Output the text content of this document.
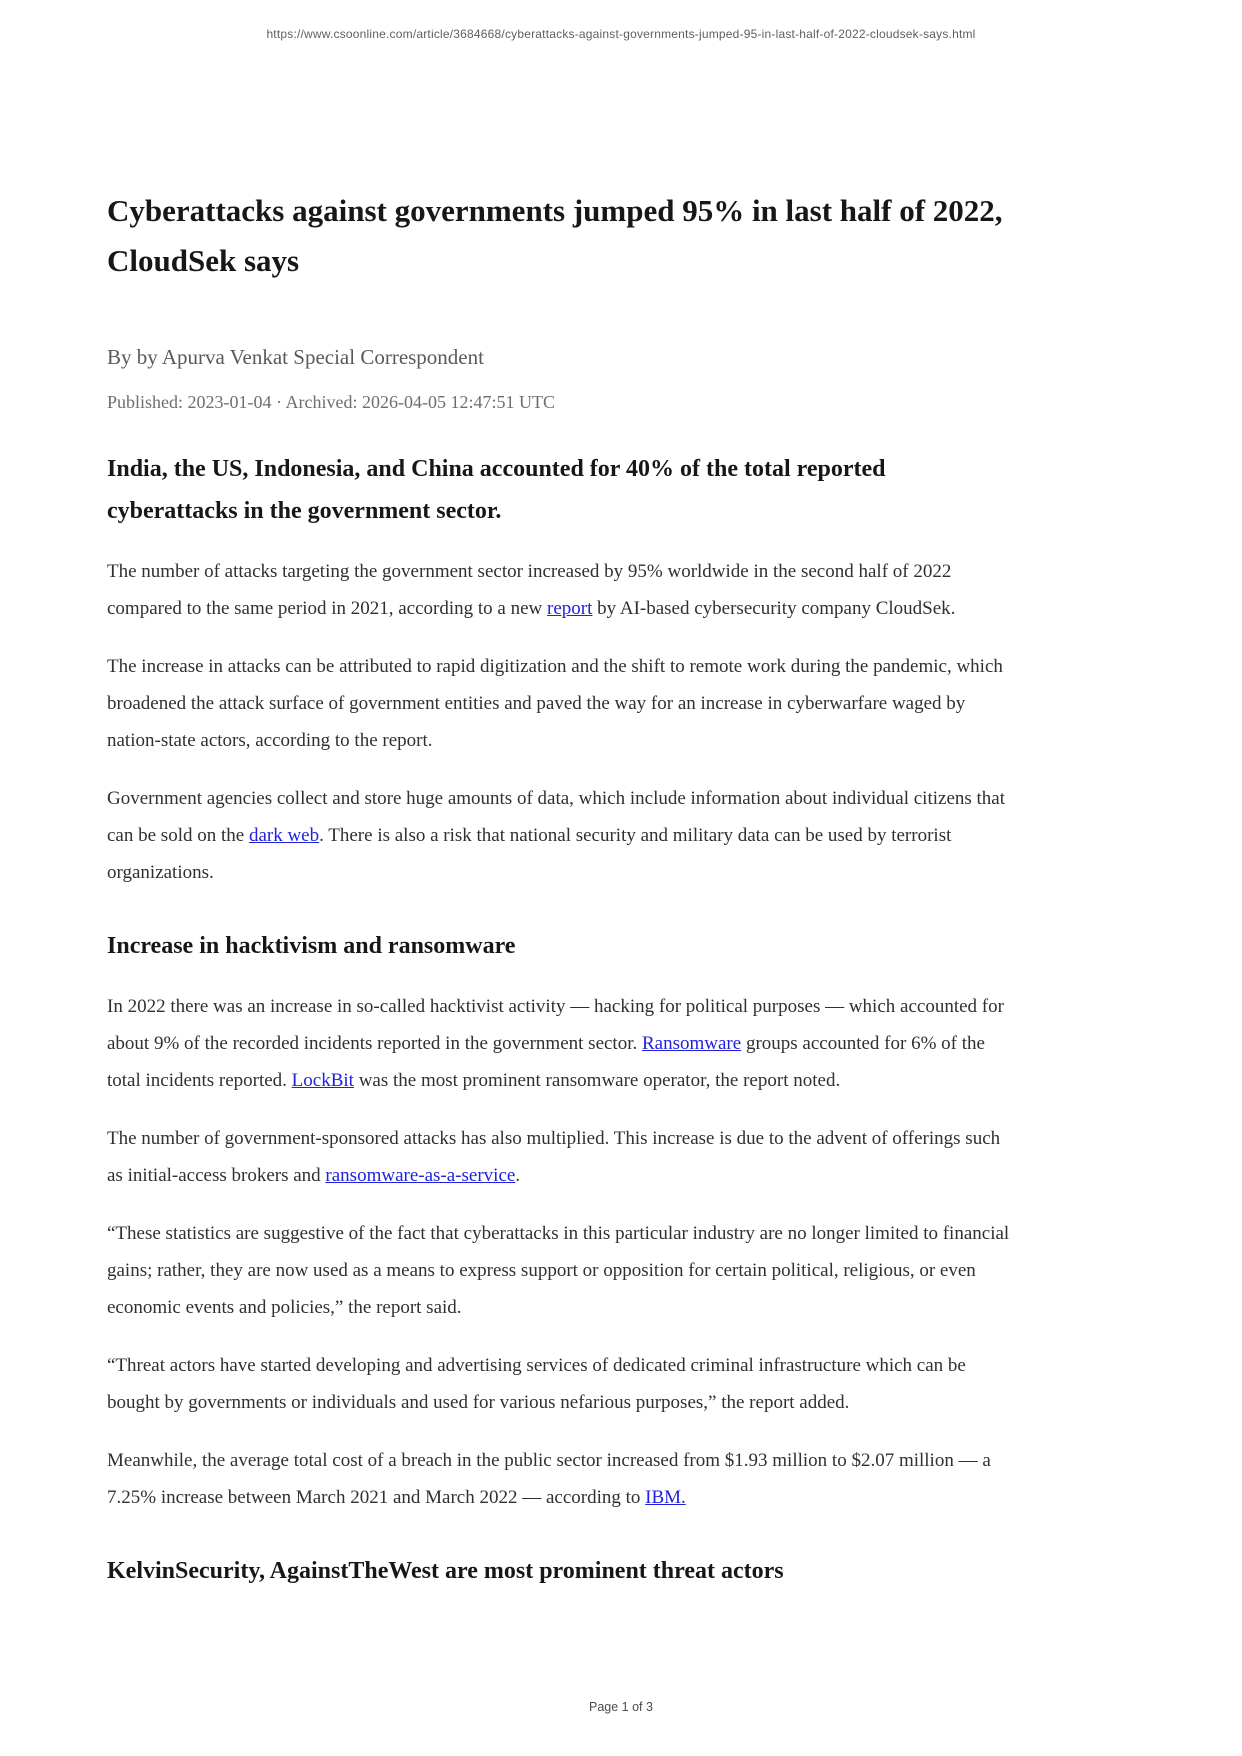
https://www.csoonline.com/article/3684668/cyberattacks-against-governments-jumped-95-in-last-half-of-2022-cloudsek-says.html
Cyberattacks against governments jumped 95% in last half of 2022, CloudSek says

By by Apurva Venkat Special Correspondent

Published: 2023-01-04 · Archived: 2026-04-05 12:47:51 UTC

India, the US, Indonesia, and China accounted for 40% of the total reported cyberattacks in the government sector.

The number of attacks targeting the government sector increased by 95% worldwide in the second half of 2022 compared to the same period in 2021, according to a new report by AI-based cybersecurity company CloudSek.

The increase in attacks can be attributed to rapid digitization and the shift to remote work during the pandemic, which broadened the attack surface of government entities and paved the way for an increase in cyberwarfare waged by nation-state actors, according to the report.

Government agencies collect and store huge amounts of data, which include information about individual citizens that can be sold on the dark web. There is also a risk that national security and military data can be used by terrorist organizations.

Increase in hacktivism and ransomware

In 2022 there was an increase in so-called hacktivist activity — hacking for political purposes — which accounted for about 9% of the recorded incidents reported in the government sector. Ransomware groups accounted for 6% of the total incidents reported. LockBit was the most prominent ransomware operator, the report noted.

The number of government-sponsored attacks has also multiplied. This increase is due to the advent of offerings such as initial-access brokers and ransomware-as-a-service.

“These statistics are suggestive of the fact that cyberattacks in this particular industry are no longer limited to financial gains; rather, they are now used as a means to express support or opposition for certain political, religious, or even economic events and policies,” the report said.

“Threat actors have started developing and advertising services of dedicated criminal infrastructure which can be bought by governments or individuals and used for various nefarious purposes,” the report added.

Meanwhile, the average total cost of a breach in the public sector increased from $1.93 million to $2.07 million — a 7.25% increase between March 2021 and March 2022 — according to IBM.

KelvinSecurity, AgainstTheWest are most prominent threat actors
Page 1 of 3
